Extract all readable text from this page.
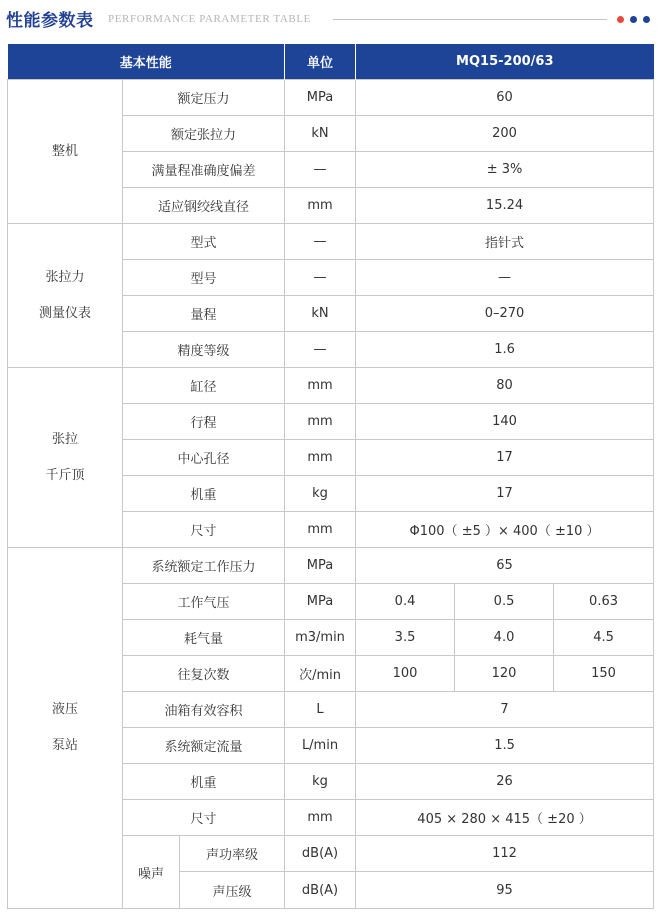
性能参数表 PERFORMANCE PARAMETER TABLE
基本性能			单位	MQ15-200/63		
整机	额定压力		MPa	60		
	额定张拉力		kN	200		
	满量程准确度偏差		—	± 3%		
	适应钢绞线直径		mm	15.24		

张拉力
测量仪表	型式		—	指针式		
	型号		—	—		
	量程		kN	0–270		
	精度等级		—	1.6		

张拉
千斤顶	缸径		mm	80		
	行程		mm	140		
	中心孔径		mm	17		
	机重		kg	17		
	尺寸		mm	Φ100（ ±5 ）× 400（ ±10 ）		

液压
泵站	系统额定工作压力		MPa	65		
	工作气压		MPa	0.4	0.5	0.63
	耗气量		m3/min	3.5	4.0	4.5
	往复次数		次/min	100	120	150
	油箱有效容积		L	7		
	系统额定流量		L/min	1.5		
	机重		kg	26		
	尺寸		mm	405 × 280 × 415（ ±20 ）		
	噪声	声功率级	dB(A)	112		
		声压级	dB(A)	95		
